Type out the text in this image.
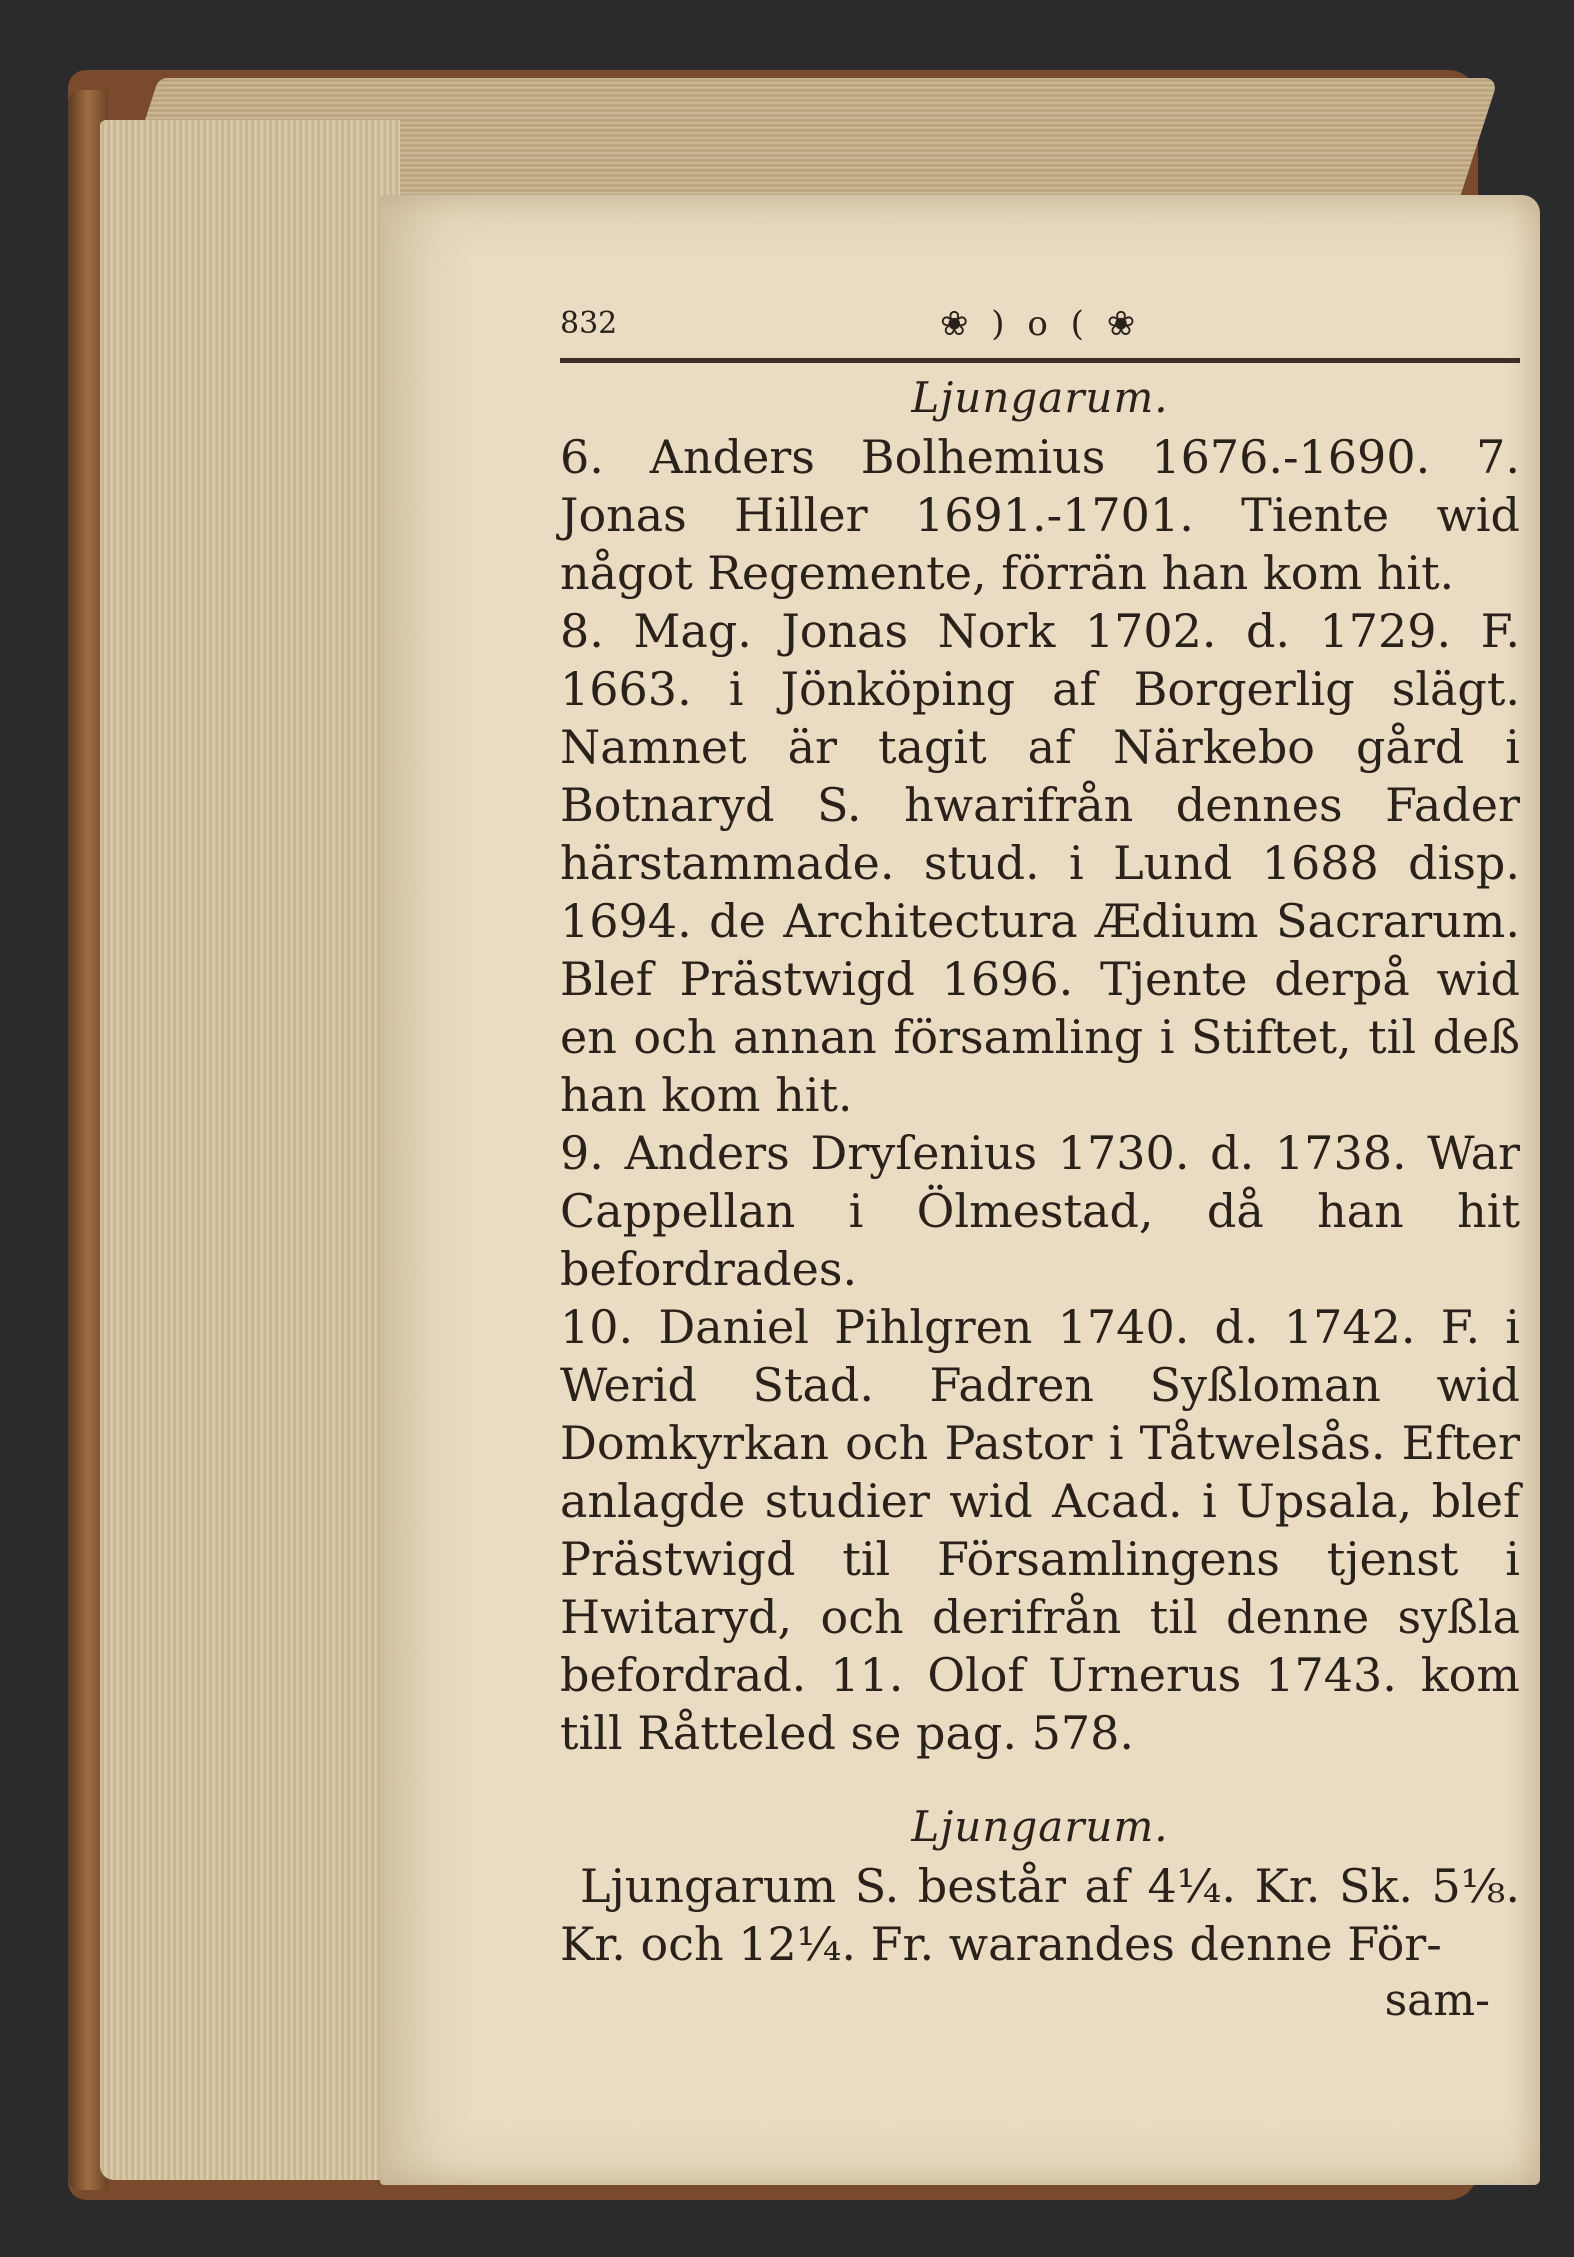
832	❀ ) o ( ❀
Ljungarum.

6. Anders Bolhemius 1676.‑1690. 7. Jonas Hiller 1691.‑1701. Tiente wid något Regemente, förrän han kom hit.

8. Mag. Jonas Nork 1702. d. 1729. F. 1663. i Jönköping af Borgerlig slägt. Namnet är tagit af Närkebo gård i Botnaryd S. hwarifrån dennes Fader härstammade. stud. i Lund 1688 disp. 1694. de Architectura Ædium Sacrarum. Blef Prästwigd 1696. Tjente derpå wid en och annan församling i Stiftet, til deß han kom hit.

9. Anders Dryſenius 1730. d. 1738. War Cappellan i Ölmestad, då han hit befordrades.

10. Daniel Pihlgren 1740. d. 1742. F. i Werid Stad. Fadren Syßloman wid Domkyrkan och Pastor i Tåtwelsås. Efter anlagde studier wid Acad. i Upsala, blef Prästwigd til Församlingens tjenst i Hwitaryd, och derifrån til denne syßla befordrad. 11. Olof Urnerus 1743. kom till Råtteled se pag. 578.

Ljungarum.

Ljungarum S. består af 4¼. Kr. Sk. 5⅛. Kr. och 12¼. Fr. warandes denne För-

sam-
